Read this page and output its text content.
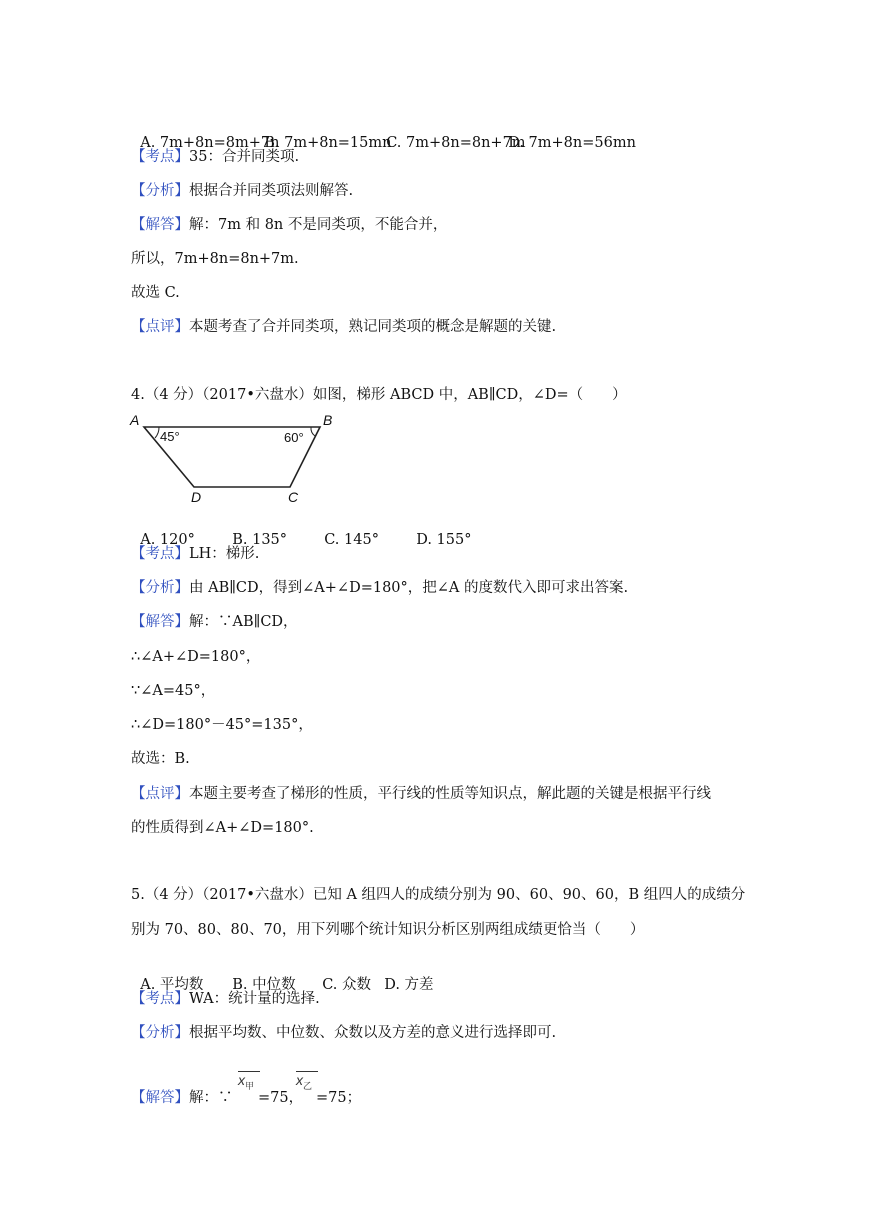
A. 7m+8n=8m+7nB. 7m+8n=15mnC. 7m+8n=8n+7mD. 7m+8n=56mn

【考点】35：合并同类项.
【分析】根据合并同类项法则解答.
【解答】解：7m 和 8n 不是同类项，不能合并，
所以，7m+8n=8n+7m.
故选 C.
【点评】本题考查了合并同类项，熟记同类项的概念是解题的关键.
4.（4 分）（2017•六盘水）如图，梯形 ABCD 中，AB∥CD，∠D=（　　）
A	B
C
D
45°	60°

A. 120°	B. 135°	C. 145°	D. 155°

【考点】LH：梯形.
【分析】由 AB∥CD，得到∠A+∠D=180°，把∠A 的度数代入即可求出答案.
【解答】解：∵AB∥CD，
∴∠A+∠D=180°，
∵∠A=45°，
∴∠D=180°－45°=135°，
故选：B.
【点评】本题主要考查了梯形的性质，平行线的性质等知识点，解此题的关键是根据平行线
的性质得到∠A+∠D=180°.
5.（4 分）（2017•六盘水）已知 A 组四人的成绩分别为 90、60、90、60，B 组四人的成绩分
别为 70、80、80、70，用下列哪个统计知识分析区别两组成绩更恰当（　　）

A. 平均数 B. 中位数 C. 众数 D. 方差

【考点】WA：统计量的选择.
【分析】根据平均数、中位数、众数以及方差的意义进行选择即可.
【解答】解：∵
$x_甲$
=75，
$x_乙$
=75；
